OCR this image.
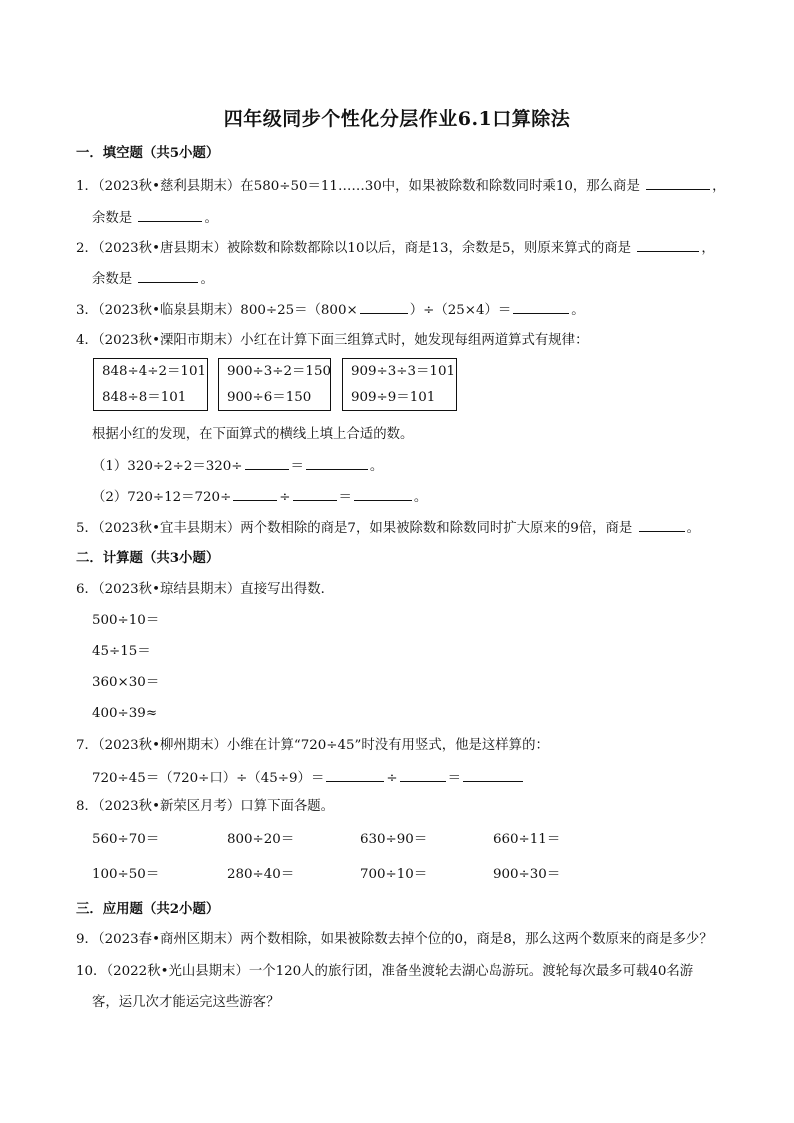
四年级同步个性化分层作业6.1口算除法
一．填空题（共5小题）
1．（2023秋•慈利县期末）在580÷50＝11……30中，如果被除数和除数同时乘10，那么商是	，
余数是	。
2．（2023秋•唐县期末）被除数和除数都除以10以后，商是13，余数是5，则原来算式的商是	，
余数是	。
3．（2023秋•临泉县期末）800÷25＝（800×	）÷（25×4）＝	。
4．（2023秋•溧阳市期末）小红在计算下面三组算式时，她发现每组两道算式有规律：
848÷4÷2＝101
848÷8＝101
900÷3÷2＝150
900÷6＝150
909÷3÷3＝101
909÷9＝101
根据小红的发现，在下面算式的横线上填上合适的数。
（1）320÷2÷2＝320÷	＝	。
（2）720÷12＝720÷	÷	＝	。
5．（2023秋•宜丰县期末）两个数相除的商是7，如果被除数和除数同时扩大原来的9倍，商是	。
二．计算题（共3小题）
6．（2023秋•琼结县期末）直接写出得数．
500÷10＝
45÷15＝
360×30＝
400÷39≈
7．（2023秋•柳州期末）小维在计算“720÷45”时没有用竖式，他是这样算的：
720÷45＝（720÷口）÷（45÷9）＝	÷	＝
8．（2023秋•新荣区月考）口算下面各题。
560÷70＝	800÷20＝	630÷90＝	660÷11＝
100÷50＝	280÷40＝	700÷10＝	900÷30＝
三．应用题（共2小题）
9．（2023春•商州区期末）两个数相除，如果被除数去掉个位的0，商是8，那么这两个数原来的商是多少？
10．（2022秋•光山县期末）一个120人的旅行团，准备坐渡轮去湖心岛游玩。渡轮每次最多可载40名游
客，运几次才能运完这些游客？
